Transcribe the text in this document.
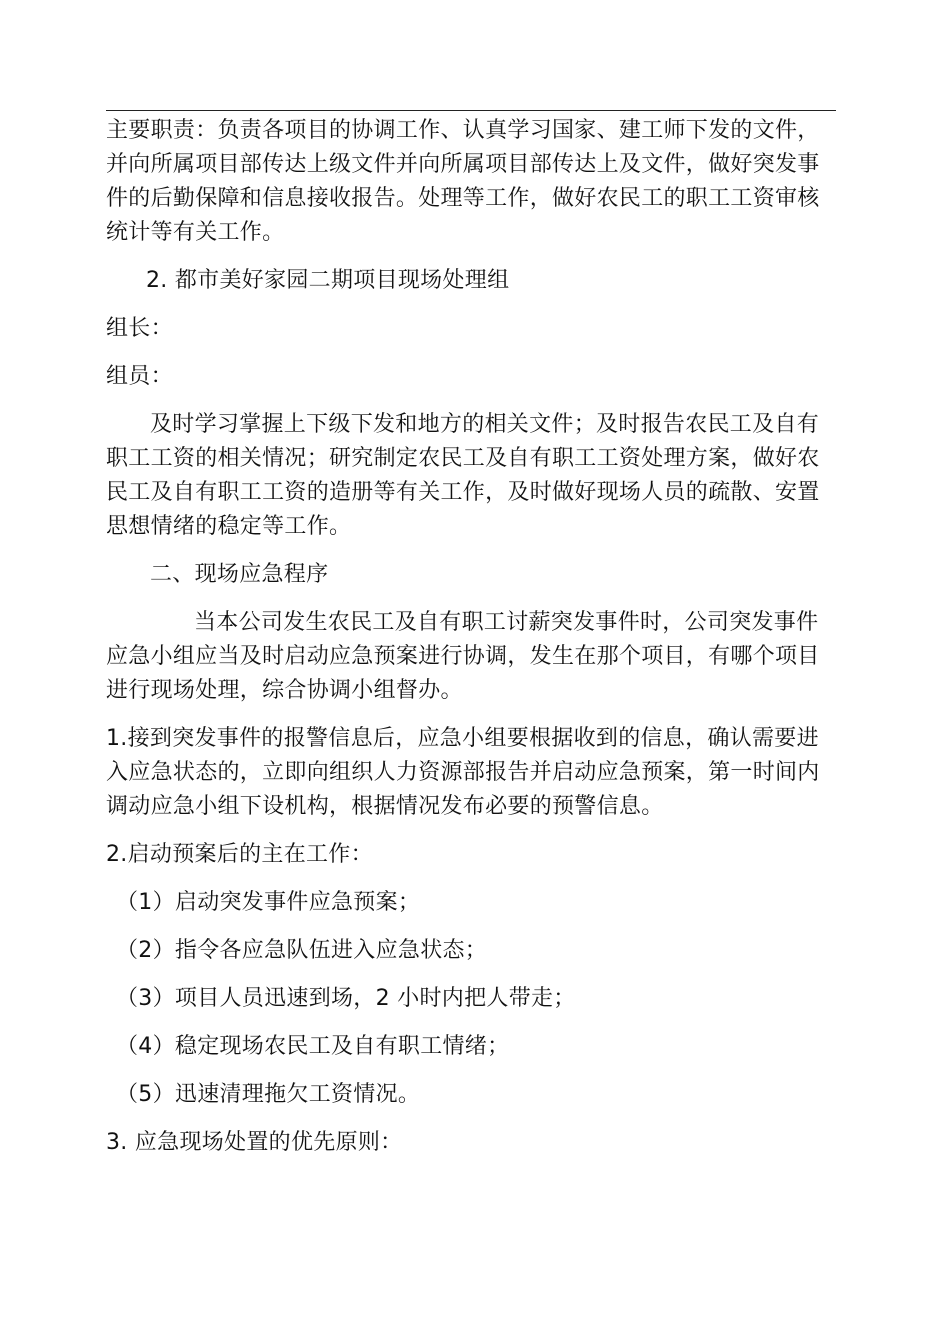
主要职责：负责各项目的协调工作、认真学习国家、建工师下发的文件，并向所属项目部传达上级文件并向所属项目部传达上及文件，做好突发事件的后勤保障和信息接收报告。处理等工作，做好农民工的职工工资审核统计等有关工作。

2. 都市美好家园二期项目现场处理组

组长：

组员：

及时学习掌握上下级下发和地方的相关文件；及时报告农民工及自有职工工资的相关情况；研究制定农民工及自有职工工资处理方案，做好农民工及自有职工工资的造册等有关工作，及时做好现场人员的疏散、安置思想情绪的稳定等工作。

二、现场应急程序

当本公司发生农民工及自有职工讨薪突发事件时，公司突发事件应急小组应当及时启动应急预案进行协调，发生在那个项目，有哪个项目进行现场处理，综合协调小组督办。

1.接到突发事件的报警信息后，应急小组要根据收到的信息，确认需要进入应急状态的，立即向组织人力资源部报告并启动应急预案，第一时间内调动应急小组下设机构，根据情况发布必要的预警信息。

2.启动预案后的主在工作：

（1）启动突发事件应急预案；

（2）指令各应急队伍进入应急状态；

（3）项目人员迅速到场，2 小时内把人带走；

（4）稳定现场农民工及自有职工情绪；

（5）迅速清理拖欠工资情况。

3. 应急现场处置的优先原则：
